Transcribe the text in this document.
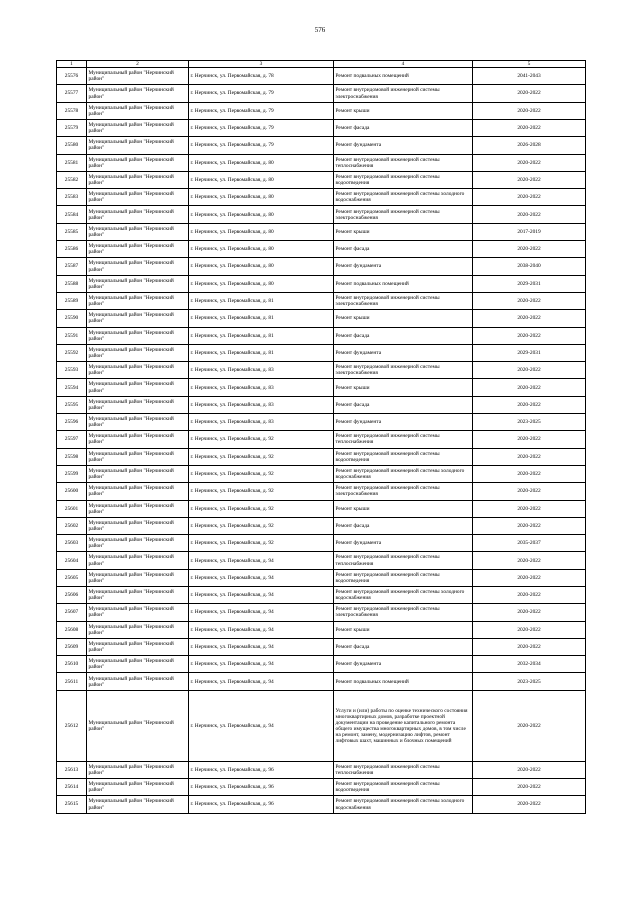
576
1	2	3	4	5
25576	Муниципальный район "Нерчинский район"	г. Нерчинск, ул. Первомайская, д. 78	Ремонт подвальных помещений	2041-2043
25577	Муниципальный район "Нерчинский район"	г. Нерчинск, ул. Первомайская, д. 79	Ремонт внутридомовой инженерной системы электроснабжения	2020-2022
25578	Муниципальный район "Нерчинский район"	г. Нерчинск, ул. Первомайская, д. 79	Ремонт крыши	2020-2022
25579	Муниципальный район "Нерчинский район"	г. Нерчинск, ул. Первомайская, д. 79	Ремонт фасада	2020-2022
25580	Муниципальный район "Нерчинский район"	г. Нерчинск, ул. Первомайская, д. 79	Ремонт фундамента	2026-2028
25581	Муниципальный район "Нерчинский район"	г. Нерчинск, ул. Первомайская, д. 80	Ремонт внутридомовой инженерной системы теплоснабжения	2020-2022
25582	Муниципальный район "Нерчинский район"	г. Нерчинск, ул. Первомайская, д. 80	Ремонт внутридомовой инженерной системы водоотведения	2020-2022
25583	Муниципальный район "Нерчинский район"	г. Нерчинск, ул. Первомайская, д. 80	Ремонт внутридомовой инженерной системы холодного водоснабжения	2020-2022
25584	Муниципальный район "Нерчинский район"	г. Нерчинск, ул. Первомайская, д. 80	Ремонт внутридомовой инженерной системы электроснабжения	2020-2022
25585	Муниципальный район "Нерчинский район"	г. Нерчинск, ул. Первомайская, д. 80	Ремонт крыши	2017-2019
25586	Муниципальный район "Нерчинский район"	г. Нерчинск, ул. Первомайская, д. 80	Ремонт фасада	2020-2022
25587	Муниципальный район "Нерчинский район"	г. Нерчинск, ул. Первомайская, д. 80	Ремонт фундамента	2038-2040
25588	Муниципальный район "Нерчинский район"	г. Нерчинск, ул. Первомайская, д. 80	Ремонт подвальных помещений	2029-2031
25589	Муниципальный район "Нерчинский район"	г. Нерчинск, ул. Первомайская, д. 81	Ремонт внутридомовой инженерной системы электроснабжения	2020-2022
25590	Муниципальный район "Нерчинский район"	г. Нерчинск, ул. Первомайская, д. 81	Ремонт крыши	2020-2022
25591	Муниципальный район "Нерчинский район"	г. Нерчинск, ул. Первомайская, д. 81	Ремонт фасада	2020-2022
25592	Муниципальный район "Нерчинский район"	г. Нерчинск, ул. Первомайская, д. 81	Ремонт фундамента	2029-2031
25593	Муниципальный район "Нерчинский район"	г. Нерчинск, ул. Первомайская, д. 83	Ремонт внутридомовой инженерной системы электроснабжения	2020-2022
25594	Муниципальный район "Нерчинский район"	г. Нерчинск, ул. Первомайская, д. 83	Ремонт крыши	2020-2022
25595	Муниципальный район "Нерчинский район"	г. Нерчинск, ул. Первомайская, д. 83	Ремонт фасада	2020-2022
25596	Муниципальный район "Нерчинский район"	г. Нерчинск, ул. Первомайская, д. 83	Ремонт фундамента	2023-2025
25597	Муниципальный район "Нерчинский район"	г. Нерчинск, ул. Первомайская, д. 92	Ремонт внутридомовой инженерной системы теплоснабжения	2020-2022
25598	Муниципальный район "Нерчинский район"	г. Нерчинск, ул. Первомайская, д. 92	Ремонт внутридомовой инженерной системы водоотведения	2020-2022
25599	Муниципальный район "Нерчинский район"	г. Нерчинск, ул. Первомайская, д. 92	Ремонт внутридомовой инженерной системы холодного водоснабжения	2020-2022
25600	Муниципальный район "Нерчинский район"	г. Нерчинск, ул. Первомайская, д. 92	Ремонт внутридомовой инженерной системы электроснабжения	2020-2022
25601	Муниципальный район "Нерчинский район"	г. Нерчинск, ул. Первомайская, д. 92	Ремонт крыши	2020-2022
25602	Муниципальный район "Нерчинский район"	г. Нерчинск, ул. Первомайская, д. 92	Ремонт фасада	2020-2022
25603	Муниципальный район "Нерчинский район"	г. Нерчинск, ул. Первомайская, д. 92	Ремонт фундамента	2035-2037
25604	Муниципальный район "Нерчинский район"	г. Нерчинск, ул. Первомайская, д. 94	Ремонт внутридомовой инженерной системы теплоснабжения	2020-2022
25605	Муниципальный район "Нерчинский район"	г. Нерчинск, ул. Первомайская, д. 94	Ремонт внутридомовой инженерной системы водоотведения	2020-2022
25606	Муниципальный район "Нерчинский район"	г. Нерчинск, ул. Первомайская, д. 94	Ремонт внутридомовой инженерной системы холодного водоснабжения	2020-2022
25607	Муниципальный район "Нерчинский район"	г. Нерчинск, ул. Первомайская, д. 94	Ремонт внутридомовой инженерной системы электроснабжения	2020-2022
25608	Муниципальный район "Нерчинский район"	г. Нерчинск, ул. Первомайская, д. 94	Ремонт крыши	2020-2022
25609	Муниципальный район "Нерчинский район"	г. Нерчинск, ул. Первомайская, д. 94	Ремонт фасада	2020-2022
25610	Муниципальный район "Нерчинский район"	г. Нерчинск, ул. Первомайская, д. 94	Ремонт фундамента	2032-2034
25611	Муниципальный район "Нерчинский район"	г. Нерчинск, ул. Первомайская, д. 94	Ремонт подвальных помещений	2023-2025
25612	Муниципальный район "Нерчинский район"	г. Нерчинск, ул. Первомайская, д. 94	Услуги и (или) работы по оценке технического состояния многоквартирных домов, разработке проектной документации на проведение капитального ремонта общего имущества многоквартирных домов, в том числе на ремонт, замену, модернизацию лифтов, ремонт лифтовых шахт, машинных и блочных помещений	2020-2022
25613	Муниципальный район "Нерчинский район"	г. Нерчинск, ул. Первомайская, д. 96	Ремонт внутридомовой инженерной системы теплоснабжения	2020-2022
25614	Муниципальный район "Нерчинский район"	г. Нерчинск, ул. Первомайская, д. 96	Ремонт внутридомовой инженерной системы водоотведения	2020-2022
25615	Муниципальный район "Нерчинский район"	г. Нерчинск, ул. Первомайская, д. 96	Ремонт внутридомовой инженерной системы холодного водоснабжения	2020-2022
